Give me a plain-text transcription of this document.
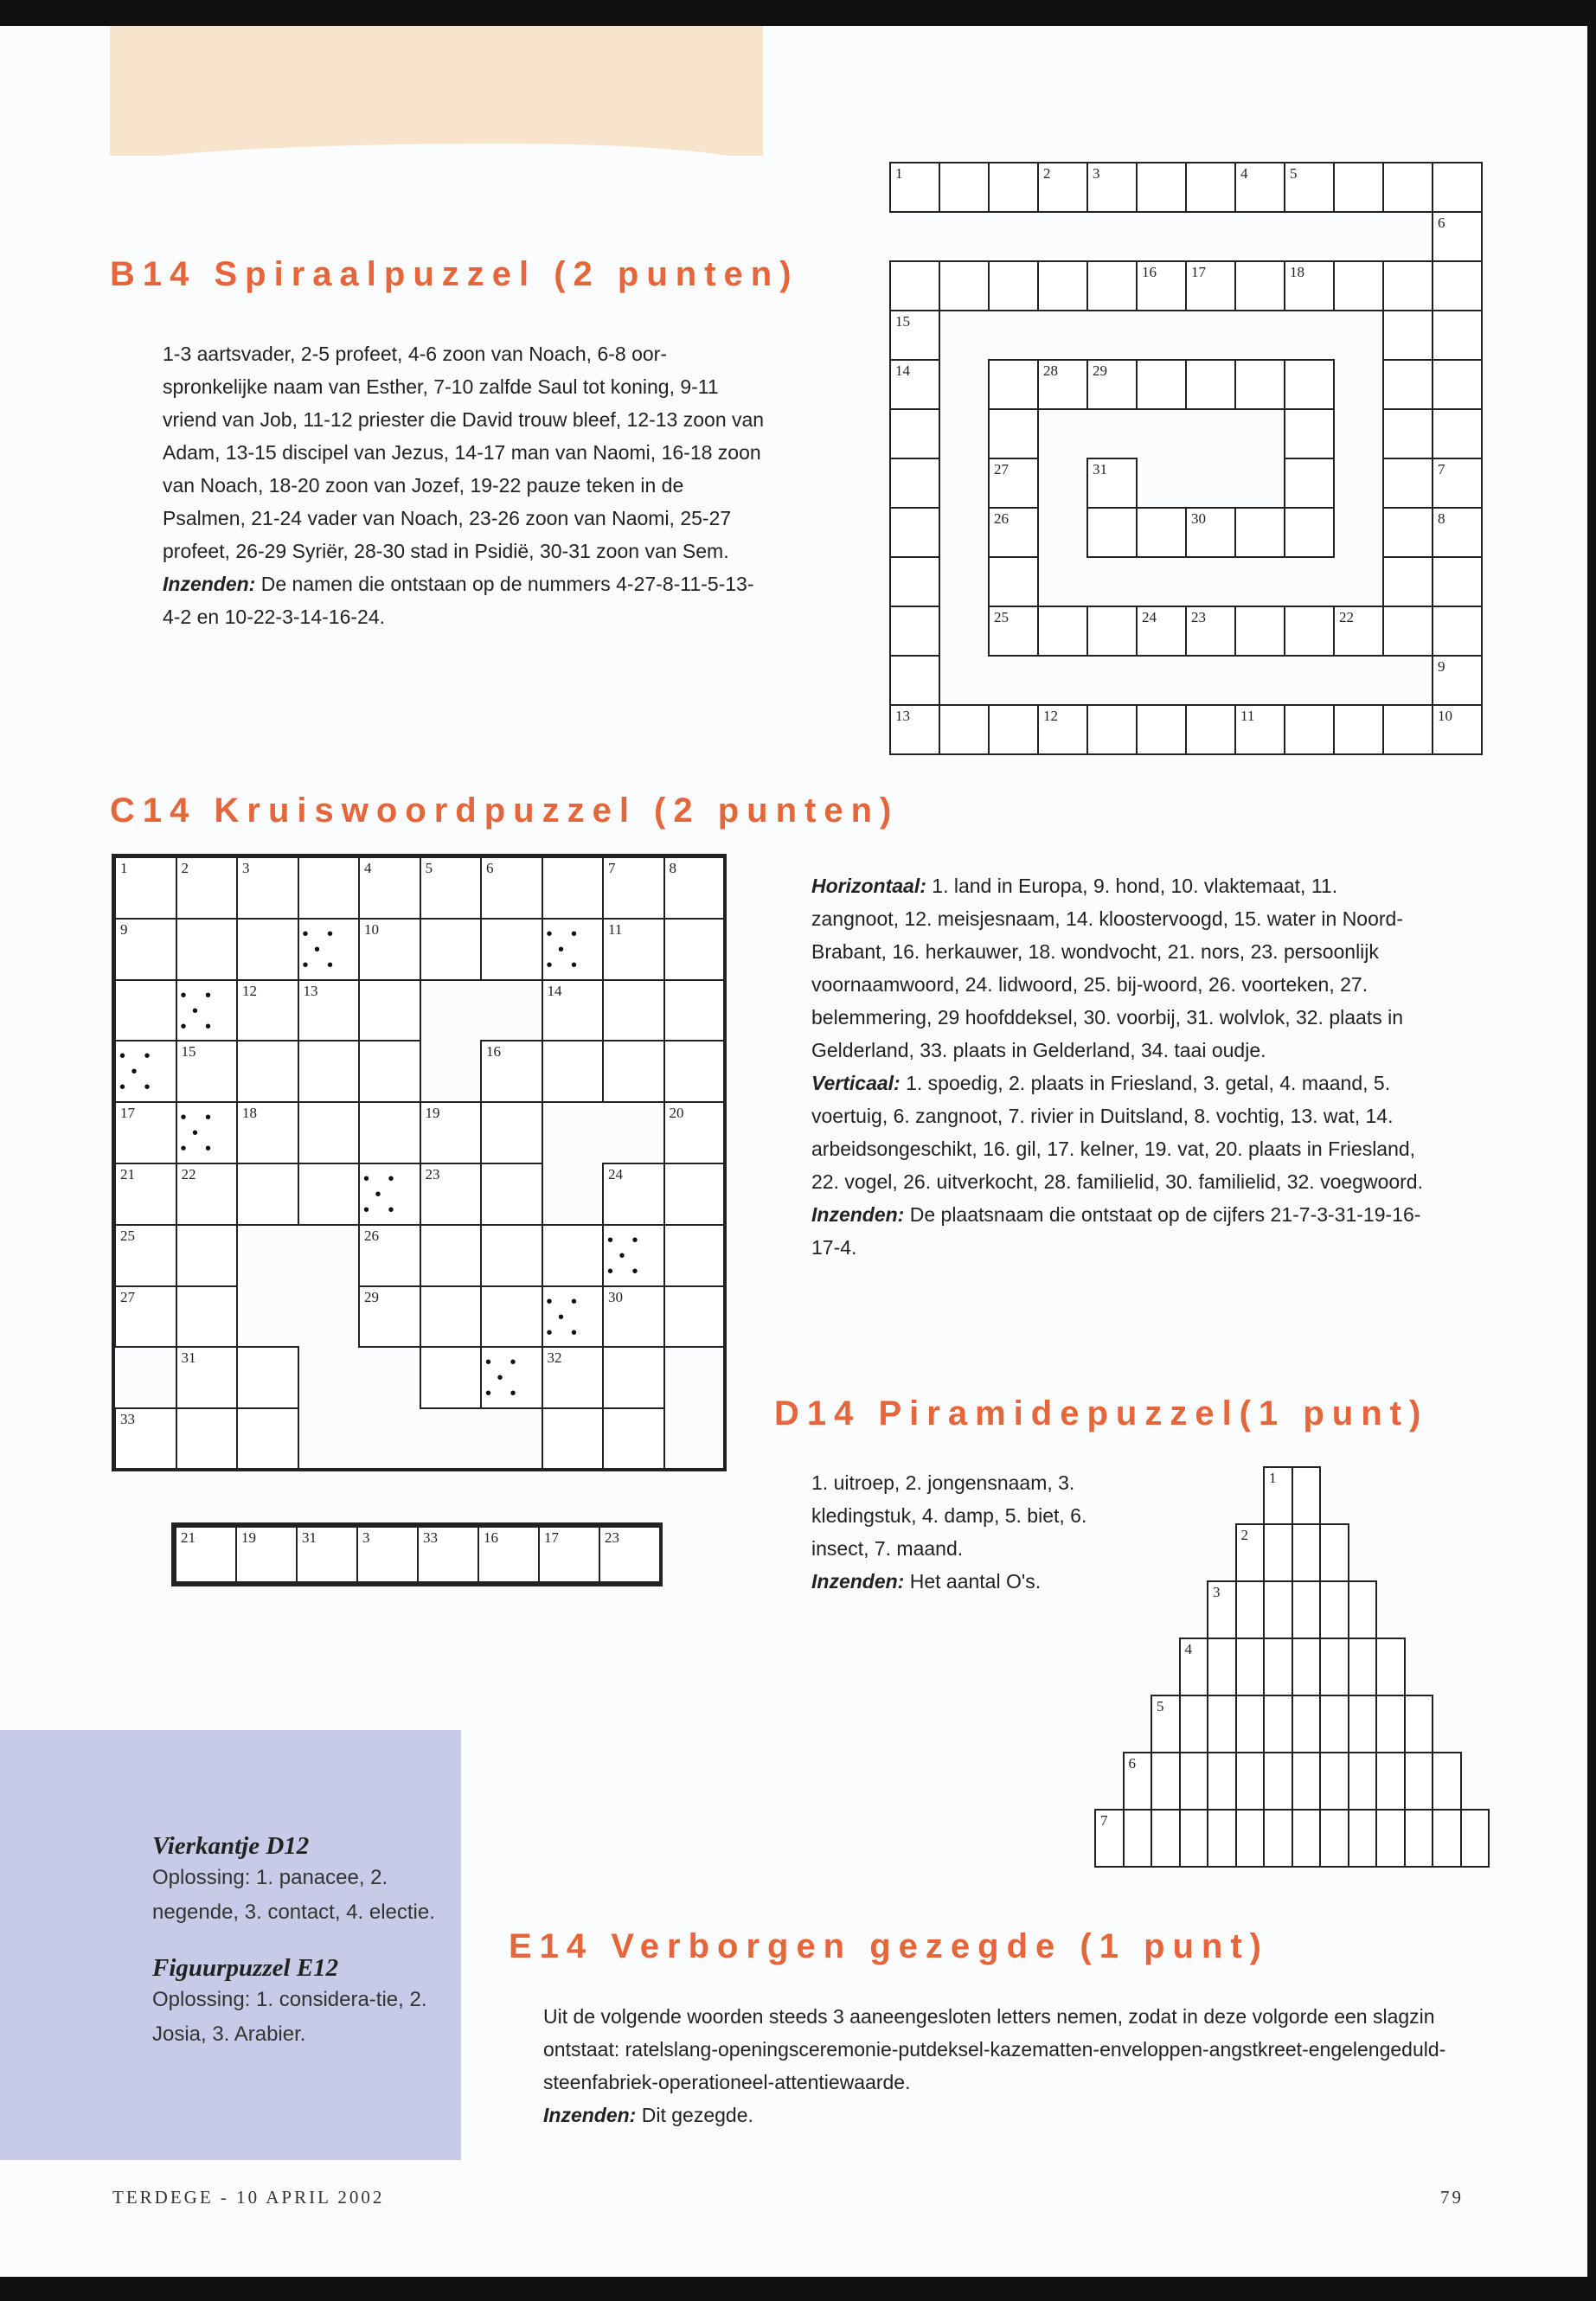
B14 Spiraalpuzzel (2 punten)
1-3 aartsvader, 2-5 profeet, 4-6 zoon van Noach, 6-8 oor-spronkelijke naam van Esther, 7-10 zalfde Saul tot koning, 9-11 vriend van Job, 11-12 priester die David trouw bleef, 12-13 zoon van Adam, 13-15 discipel van Jezus, 14-17 man van Naomi, 16-18 zoon van Noach, 18-20 zoon van Jozef, 19-22 pauze teken in de Psalmen, 21-24 vader van Noach, 23-26 zoon van Naomi, 25-27 profeet, 26-29 Syriër, 28-30 stad in Psidië, 30-31 zoon van Sem.
Inzenden: De namen die ontstaan op de nummers 4-27-8-11-5-13-4-2 en 10-22-3-14-16-24.
1
13
2
12
3	4
11
5
10
6
7
8
9
15
14
16 17	18
25	24 23	22
27
26
28 29
30
31
C14 Kruiswoordpuzzel (2 punten)
1	2	3	4	5	6	7	8
9	• •
•
• •
10	• •
•
• •
11
• •
•
• •
12	13	14
• •
•
• •
15	16
17	• •
•
• •
18	19	20
21	22	• •
•
• •
23	24
25	26	• •
•
• •
27	29	• •
•
• •
30
31	• •
•
• •
32
33
Horizontaal: 1. land in Europa, 9. hond, 10. vlaktemaat, 11. zangnoot, 12. meisjesnaam, 14. kloostervoogd, 15. water in Noord-Brabant, 16. herkauwer, 18. wondvocht, 21. nors, 23. persoonlijk voornaamwoord, 24. lidwoord, 25. bij-woord, 26. voorteken, 27. belemmering, 29 hoofddeksel, 30. voorbij, 31. wolvlok, 32. plaats in Gelderland, 33. plaats in Gelderland, 34. taai oudje.
Verticaal: 1. spoedig, 2. plaats in Friesland, 3. getal, 4. maand, 5. voertuig, 6. zangnoot, 7. rivier in Duitsland, 8. vochtig, 13. wat, 14. arbeidsongeschikt, 16. gil, 17. kelner, 19. vat, 20. plaats in Friesland, 22. vogel, 26. uitverkocht, 28. familielid, 30. familielid, 32. voegwoord.
Inzenden: De plaatsnaam die ontstaat op de cijfers 21-7-3-31-19-16-17-4.
21	19	31	3	33	16	17	23
D14 Piramidepuzzel(1 punt)
1. uitroep, 2. jongensnaam, 3. kledingstuk, 4. damp, 5. biet, 6. insect, 7. maand.
Inzenden: Het aantal O's.
1
2
3
4
5
6
7
Vierkantje D12
Oplossing: 1. panacee, 2. negende, 3. contact, 4. electie.
Figuurpuzzel E12
Oplossing: 1. considera-tie, 2. Josia, 3. Arabier.
E14 Verborgen gezegde (1 punt)
Uit de volgende woorden steeds 3 aaneengesloten letters nemen, zodat in deze volgorde een slagzin ontstaat: ratelslang-openingsceremonie-putdeksel-kazematten-enveloppen-angstkreet-engelengeduld-steenfabriek-operationeel-attentiewaarde.
Inzenden: Dit gezegde.
TERDEGE - 10 APRIL 2002	79
